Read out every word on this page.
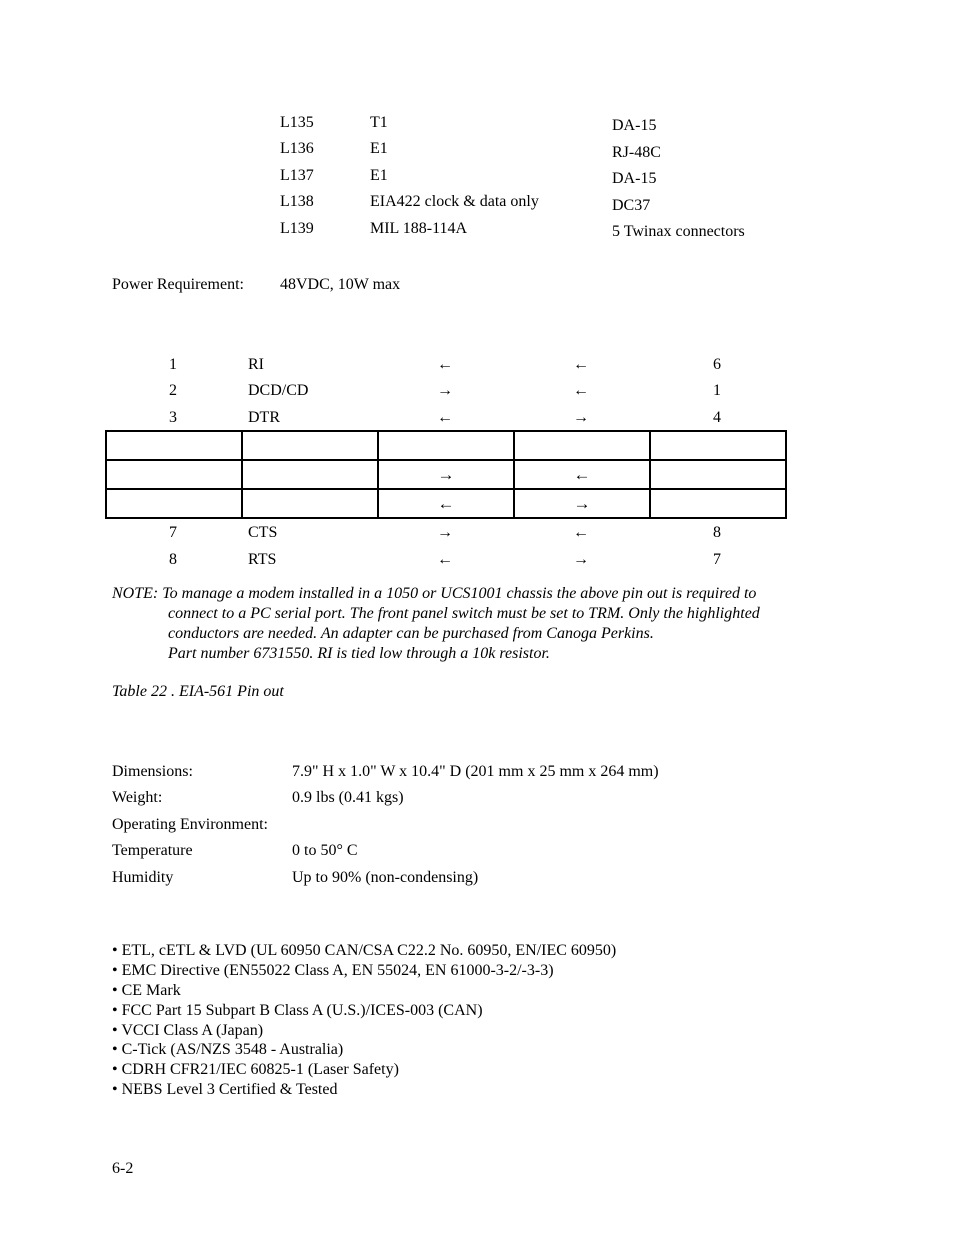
L135	T1	DA-15
L136	E1	RJ-48C
L137	E1	DA-15
L138	EIA422 clock & data only	DC37
L139	MIL 188-114A	5 Twinax connectors
Power Requirement: 48VDC, 10W max
1	RI	←	←	6
2	DCD/CD	→	←	1
3	DTR	←	→	4

		→	←	
		←	→	
7	CTS	→	←	8
8	RTS	←	→	7
NOTE: To manage a modem installed in a 1050 or UCS1001 chassis the above pin out is required to
connect to a PC serial port. The front panel switch must be set to TRM. Only the highlighted
conductors are needed. An adapter can be purchased from Canoga Perkins.
Part number 6731550. RI is tied low through a 10k resistor.
Table 22 . EIA-561 Pin out
Dimensions:	7.9" H x 1.0" W x 10.4" D (201 mm x 25 mm x 264 mm)
Weight:	0.9 lbs (0.41 kgs)
Operating Environment:
Temperature	0 to 50° C
Humidity	Up to 90% (non-condensing)
• ETL, cETL & LVD (UL 60950 CAN/CSA C22.2 No. 60950, EN/IEC 60950)
• EMC Directive (EN55022 Class A, EN 55024, EN 61000-3-2/-3-3)
• CE Mark
• FCC Part 15 Subpart B Class A (U.S.)/ICES-003 (CAN)
• VCCI Class A (Japan)
• C-Tick (AS/NZS 3548 - Australia)
• CDRH CFR21/IEC 60825-1 (Laser Safety)
• NEBS Level 3 Certified & Tested
6-2
